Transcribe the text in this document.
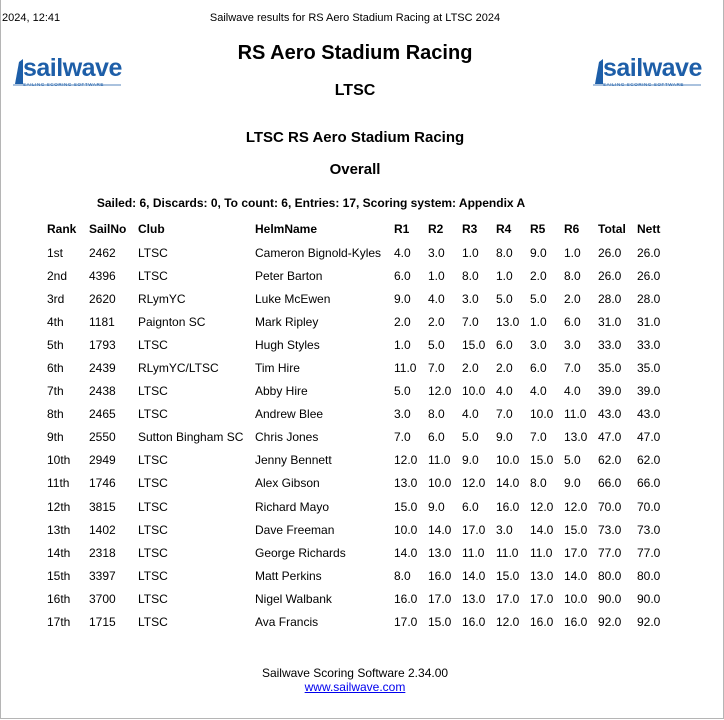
2024, 12:41	Sailwave results for RS Aero Stadium Racing at LTSC 2024
sailwave
SAILING SCORING SOFTWARE
sailwave
SAILING SCORING SOFTWARE
RS Aero Stadium Racing
LTSC
LTSC RS Aero Stadium Racing
Overall
Sailed: 6, Discards: 0, To count: 6, Entries: 17, Scoring system: Appendix A
Rank	SailNo	Club	HelmName	R1	R2	R3	R4	R5	R6	Total	Nett
1st	2462	LTSC	Cameron Bignold-Kyles	4.0	3.0	1.0	8.0	9.0	1.0	26.0	26.0
2nd	4396	LTSC	Peter Barton	6.0	1.0	8.0	1.0	2.0	8.0	26.0	26.0
3rd	2620	RLymYC	Luke McEwen	9.0	4.0	3.0	5.0	5.0	2.0	28.0	28.0
4th	1181	Paignton SC	Mark Ripley	2.0	2.0	7.0	13.0	1.0	6.0	31.0	31.0
5th	1793	LTSC	Hugh Styles	1.0	5.0	15.0	6.0	3.0	3.0	33.0	33.0
6th	2439	RLymYC/LTSC	Tim Hire	11.0	7.0	2.0	2.0	6.0	7.0	35.0	35.0
7th	2438	LTSC	Abby Hire	5.0	12.0	10.0	4.0	4.0	4.0	39.0	39.0
8th	2465	LTSC	Andrew Blee	3.0	8.0	4.0	7.0	10.0	11.0	43.0	43.0
9th	2550	Sutton Bingham SC	Chris Jones	7.0	6.0	5.0	9.0	7.0	13.0	47.0	47.0
10th	2949	LTSC	Jenny Bennett	12.0	11.0	9.0	10.0	15.0	5.0	62.0	62.0
11th	1746	LTSC	Alex Gibson	13.0	10.0	12.0	14.0	8.0	9.0	66.0	66.0
12th	3815	LTSC	Richard Mayo	15.0	9.0	6.0	16.0	12.0	12.0	70.0	70.0
13th	1402	LTSC	Dave Freeman	10.0	14.0	17.0	3.0	14.0	15.0	73.0	73.0
14th	2318	LTSC	George Richards	14.0	13.0	11.0	11.0	11.0	17.0	77.0	77.0
15th	3397	LTSC	Matt Perkins	8.0	16.0	14.0	15.0	13.0	14.0	80.0	80.0
16th	3700	LTSC	Nigel Walbank	16.0	17.0	13.0	17.0	17.0	10.0	90.0	90.0
17th	1715	LTSC	Ava Francis	17.0	15.0	16.0	12.0	16.0	16.0	92.0	92.0
Sailwave Scoring Software 2.34.00
www.sailwave.com
